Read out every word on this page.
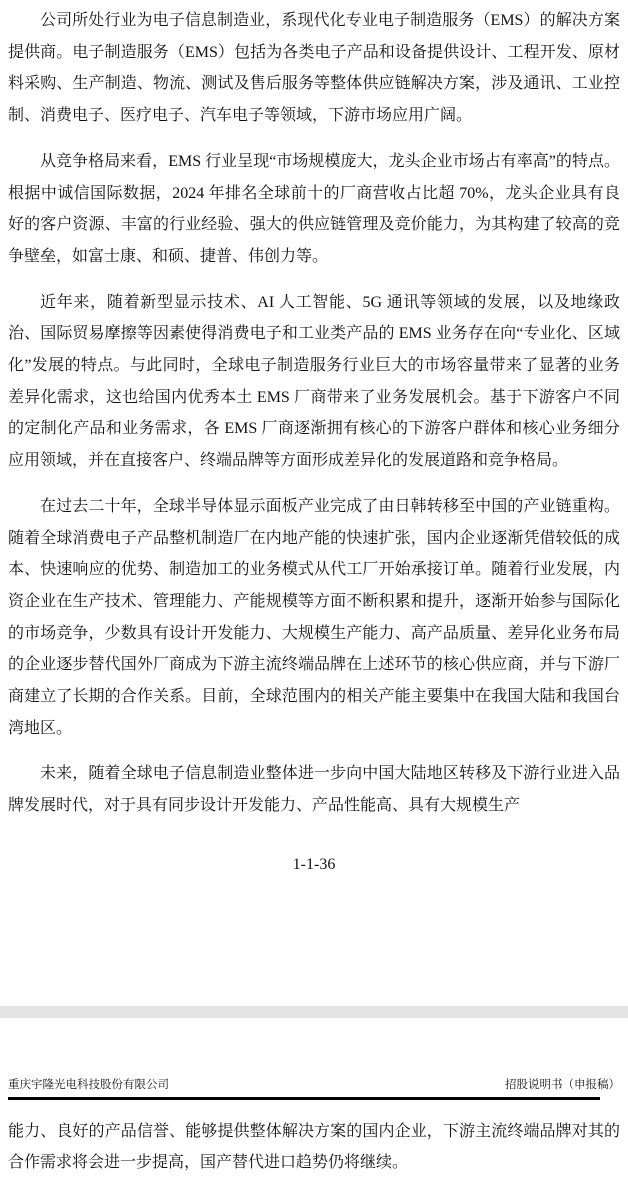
公司所处行业为电子信息制造业，系现代化专业电子制造服务（EMS）的解决方案提供商。电子制造服务（EMS）包括为各类电子产品和设备提供设计、工程开发、原材料采购、生产制造、物流、测试及售后服务等整体供应链解决方案，涉及通讯、工业控制、消费电子、医疗电子、汽车电子等领域，下游市场应用广阔。

从竞争格局来看，EMS 行业呈现“市场规模庞大，龙头企业市场占有率高”的特点。根据中诚信国际数据，2024 年排名全球前十的厂商营收占比超 70%，龙头企业具有良好的客户资源、丰富的行业经验、强大的供应链管理及竞价能力，为其构建了较高的竞争壁垒，如富士康、和硕、捷普、伟创力等。

近年来，随着新型显示技术、AI 人工智能、5G 通讯等领域的发展，以及地缘政治、国际贸易摩擦等因素使得消费电子和工业类产品的 EMS 业务存在向“专业化、区域化”发展的特点。与此同时，全球电子制造服务行业巨大的市场容量带来了显著的业务差异化需求，这也给国内优秀本土 EMS 厂商带来了业务发展机会。基于下游客户不同的定制化产品和业务需求，各 EMS 厂商逐渐拥有核心的下游客户群体和核心业务细分应用领域，并在直接客户、终端品牌等方面形成差异化的发展道路和竞争格局。

在过去二十年，全球半导体显示面板产业完成了由日韩转移至中国的产业链重构。随着全球消费电子产品整机制造厂在内地产能的快速扩张，国内企业逐渐凭借较低的成本、快速响应的优势、制造加工的业务模式从代工厂开始承接订单。随着行业发展，内资企业在生产技术、管理能力、产能规模等方面不断积累和提升，逐渐开始参与国际化的市场竞争，少数具有设计开发能力、大规模生产能力、高产品质量、差异化业务布局的企业逐步替代国外厂商成为下游主流终端品牌在上述环节的核心供应商，并与下游厂商建立了长期的合作关系。目前，全球范围内的相关产能主要集中在我国大陆和我国台湾地区。

未来，随着全球电子信息制造业整体进一步向中国大陆地区转移及下游行业进入品牌发展时代，对于具有同步设计开发能力、产品性能高、具有大规模生产

1-1-36
重庆宇隆光电科技股份有限公司	招股说明书（申报稿）

能力、良好的产品信誉、能够提供整体解决方案的国内企业，下游主流终端品牌对其的合作需求将会进一步提高，国产替代进口趋势仍将继续。
